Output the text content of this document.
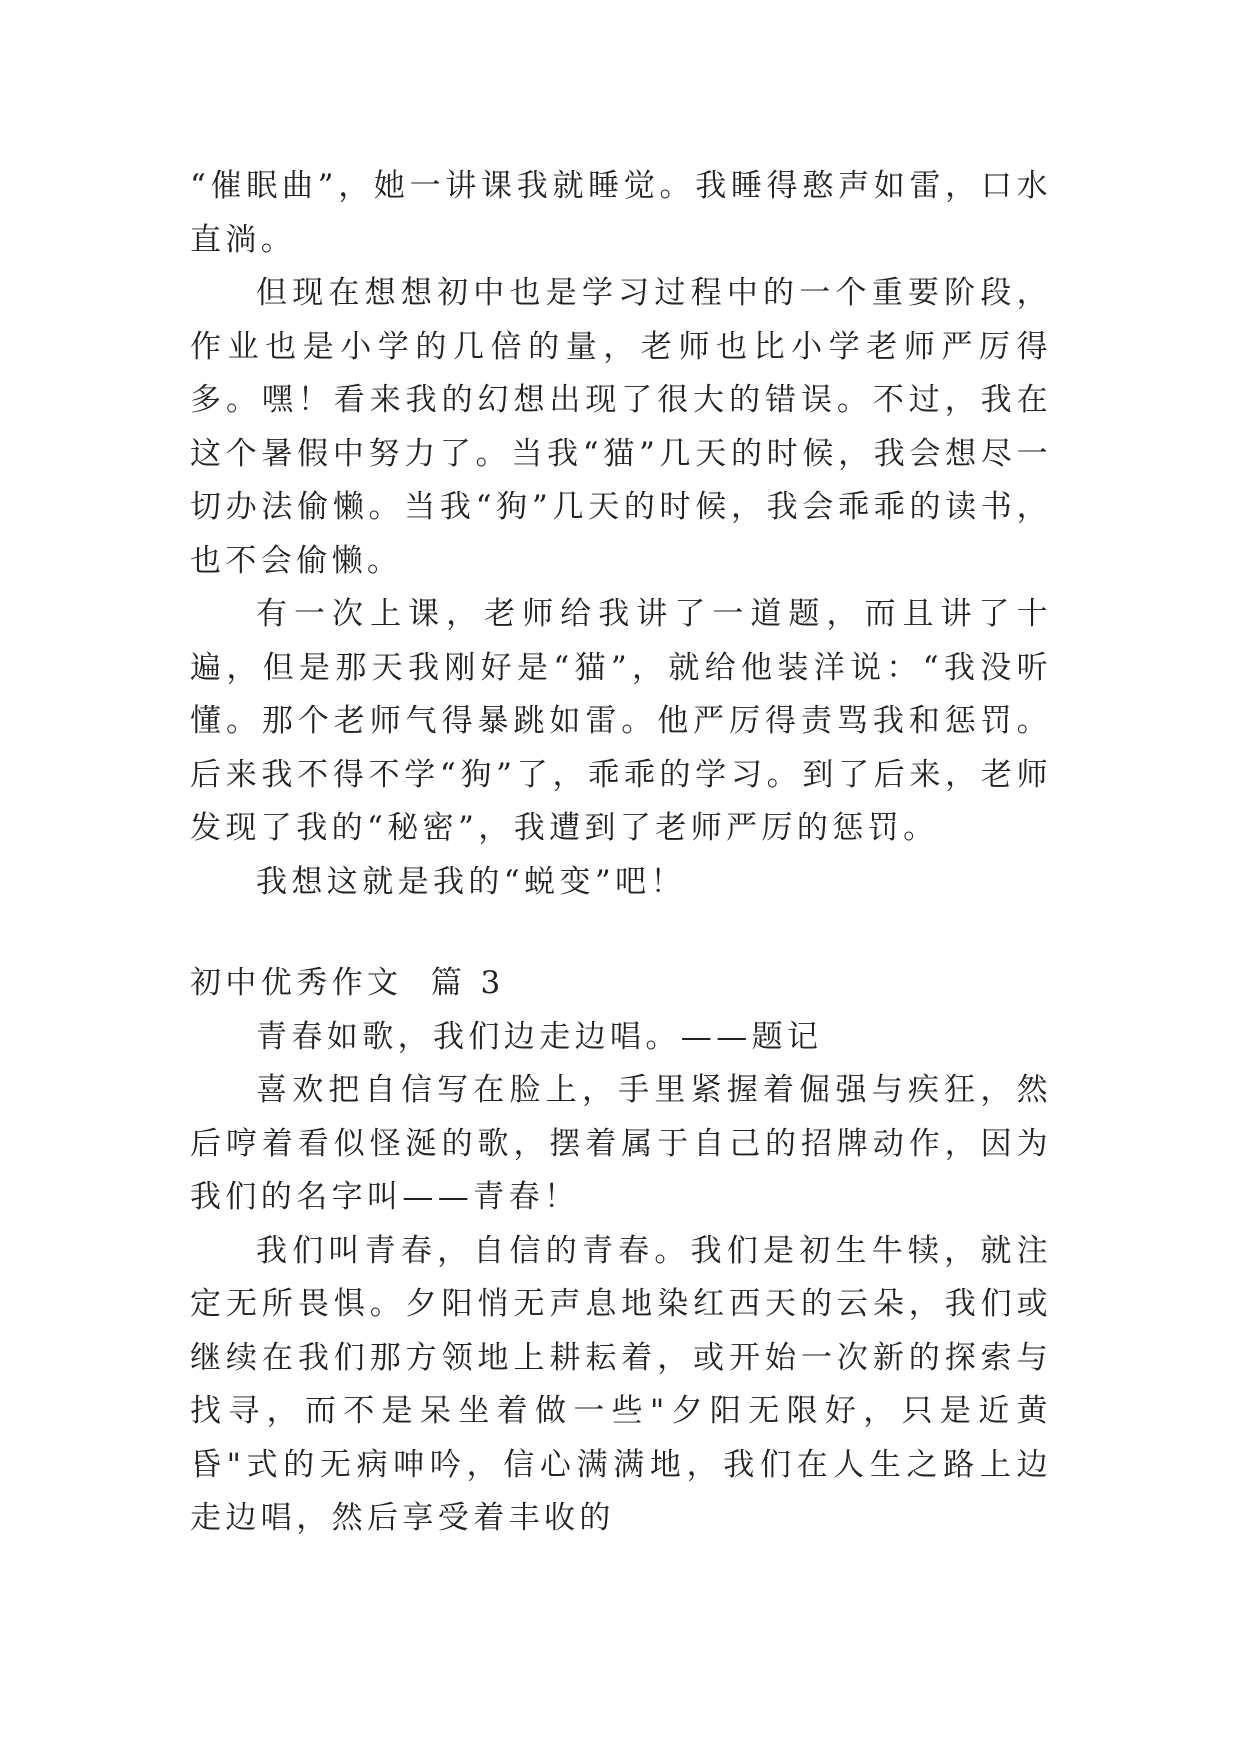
“催眠曲”，她一讲课我就睡觉。我睡得憨声如雷，口水直淌。

但现在想想初中也是学习过程中的一个重要阶段，作业也是小学的几倍的量，老师也比小学老师严厉得多。嘿！看来我的幻想出现了很大的错误。不过，我在这个暑假中努力了。当我“猫”几天的时候，我会想尽一切办法偷懒。当我“狗”几天的时候，我会乖乖的读书，也不会偷懒。

有一次上课，老师给我讲了一道题，而且讲了十遍，但是那天我刚好是“猫”，就给他装洋说：“我没听懂。那个老师气得暴跳如雷。他严厉得责骂我和惩罚。后来我不得不学“狗”了，乖乖的学习。到了后来，老师发现了我的“秘密”，我遭到了老师严厉的惩罚。

我想这就是我的“蜕变”吧！

初中优秀作文  篇 3

青春如歌，我们边走边唱。——题记

喜欢把自信写在脸上，手里紧握着倔强与疾狂，然后哼着看似怪涎的歌，摆着属于自己的招牌动作，因为我们的名字叫——青春！

我们叫青春，自信的青春。我们是初生牛犊，就注定无所畏惧。夕阳悄无声息地染红西天的云朵，我们或继续在我们那方领地上耕耘着，或开始一次新的探索与找寻，而不是呆坐着做一些"夕阳无限好，只是近黄昏"式的无病呻吟，信心满满地，我们在人生之路上边走边唱，然后享受着丰收的
